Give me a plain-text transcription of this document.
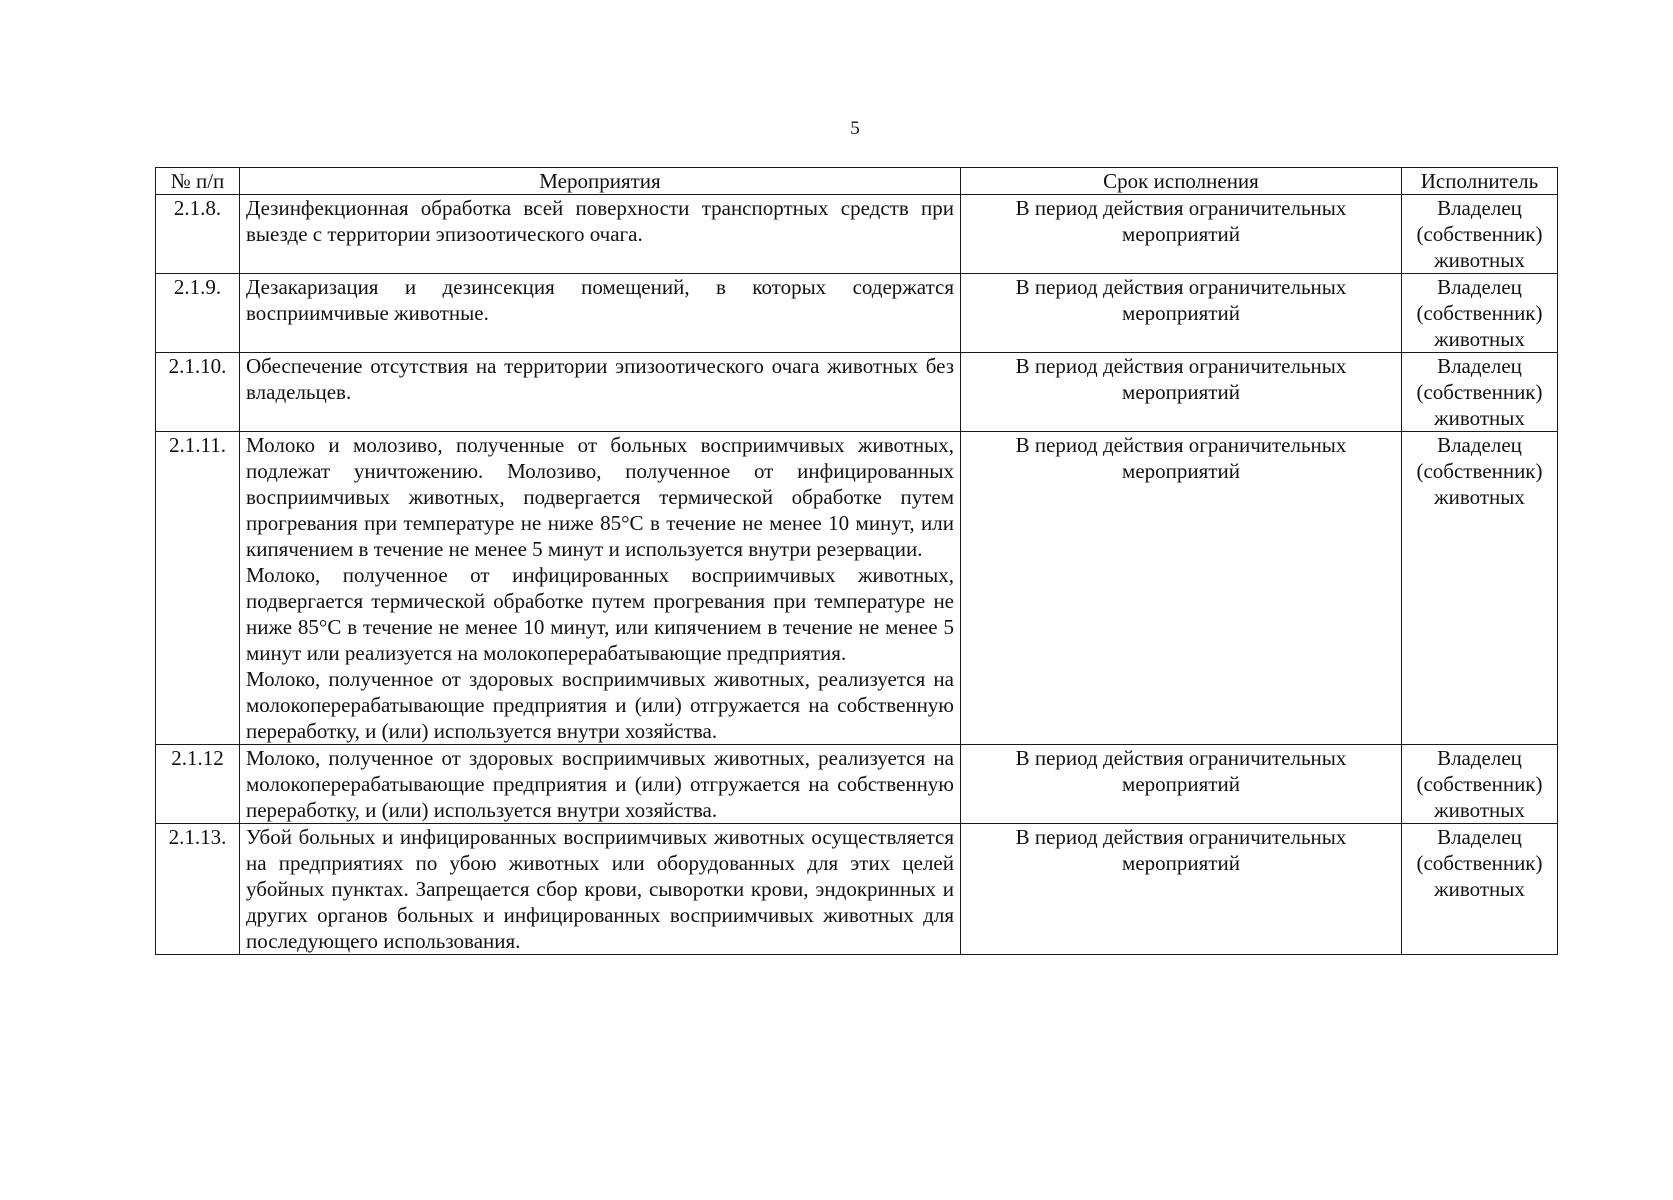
5
№ п/п	Мероприятия	Срок исполнения	Исполнитель
2.1.8.	Дезинфекционная обработка всей поверхности транспортных средств при выезде с территории эпизоотического очага.	В период действия ограничительных мероприятий	Владелец (собственник) животных
2.1.9.	Дезакаризация и дезинсекция помещений, в которых содержатся восприимчивые животные.	В период действия ограничительных мероприятий	Владелец (собственник) животных
2.1.10.	Обеспечение отсутствия на территории эпизоотического очага животных без владельцев.	В период действия ограничительных мероприятий	Владелец (собственник) животных
2.1.11.	Молоко и молозиво, полученные от больных восприимчивых животных, подлежат уничтожению. Молозиво, полученное от инфицированных восприимчивых животных, подвергается термической обработке путем прогревания при температуре не ниже 85°С в течение не менее 10 минут, или кипячением в течение не менее 5 минут и используется внутри резервации.
Молоко, полученное от инфицированных восприимчивых животных, подвергается термической обработке путем прогревания при температуре не ниже 85°С в течение не менее 10 минут, или кипячением в течение не менее 5 минут или реализуется на молокоперерабатывающие предприятия.
Молоко, полученное от здоровых восприимчивых животных, реализуется на молокоперерабатывающие предприятия и (или) отгружается на собственную переработку, и (или) используется внутри хозяйства.	В период действия ограничительных мероприятий	Владелец (собственник) животных
2.1.12	Молоко, полученное от здоровых восприимчивых животных, реализуется на молокоперерабатывающие предприятия и (или) отгружается на собственную переработку, и (или) используется внутри хозяйства.	В период действия ограничительных мероприятий	Владелец (собственник) животных
2.1.13.	Убой больных и инфицированных восприимчивых животных осуществляется на предприятиях по убою животных или оборудованных для этих целей убойных пунктах. Запрещается сбор крови, сыворотки крови, эндокринных и других органов больных и инфицированных восприимчивых животных для последующего использования.	В период действия ограничительных мероприятий	Владелец (собственник) животных
